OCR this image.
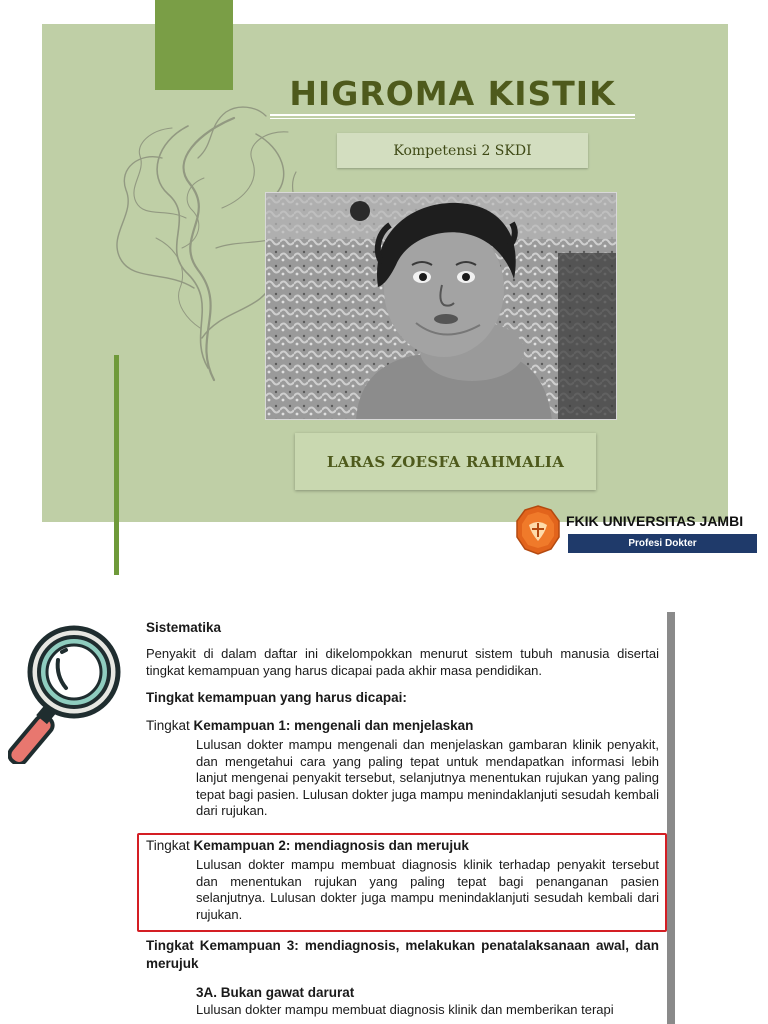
HIGROMA KISTIK
Kompetensi 2 SKDI
LARAS ZOESFA RAHMALIA
FKIK UNIVERSITAS JAMBI
Profesi Dokter
Sistematika
Penyakit di dalam daftar ini dikelompokkan menurut sistem tubuh manusia disertai tingkat kemampuan yang harus dicapai pada akhir masa pendidikan.
Tingkat kemampuan yang harus dicapai:
Tingkat Kemampuan 1: mengenali dan menjelaskan
Lulusan dokter mampu mengenali dan menjelaskan gambaran klinik penyakit, dan mengetahui cara yang paling tepat untuk mendapatkan informasi lebih lanjut mengenai penyakit tersebut, selanjutnya menentukan rujukan yang paling tepat bagi pasien. Lulusan dokter juga mampu menindaklanjuti sesudah kembali dari rujukan.
Tingkat Kemampuan 2: mendiagnosis dan merujuk
Lulusan dokter mampu membuat diagnosis klinik terhadap penyakit tersebut dan menentukan rujukan yang paling tepat bagi penanganan pasien selanjutnya. Lulusan dokter juga mampu menindaklanjuti sesudah kembali dari rujukan.
Tingkat Kemampuan 3: mendiagnosis, melakukan penatalaksanaan awal, dan merujuk
3A. Bukan gawat darurat
Lulusan dokter mampu membuat diagnosis klinik dan memberikan terapi
